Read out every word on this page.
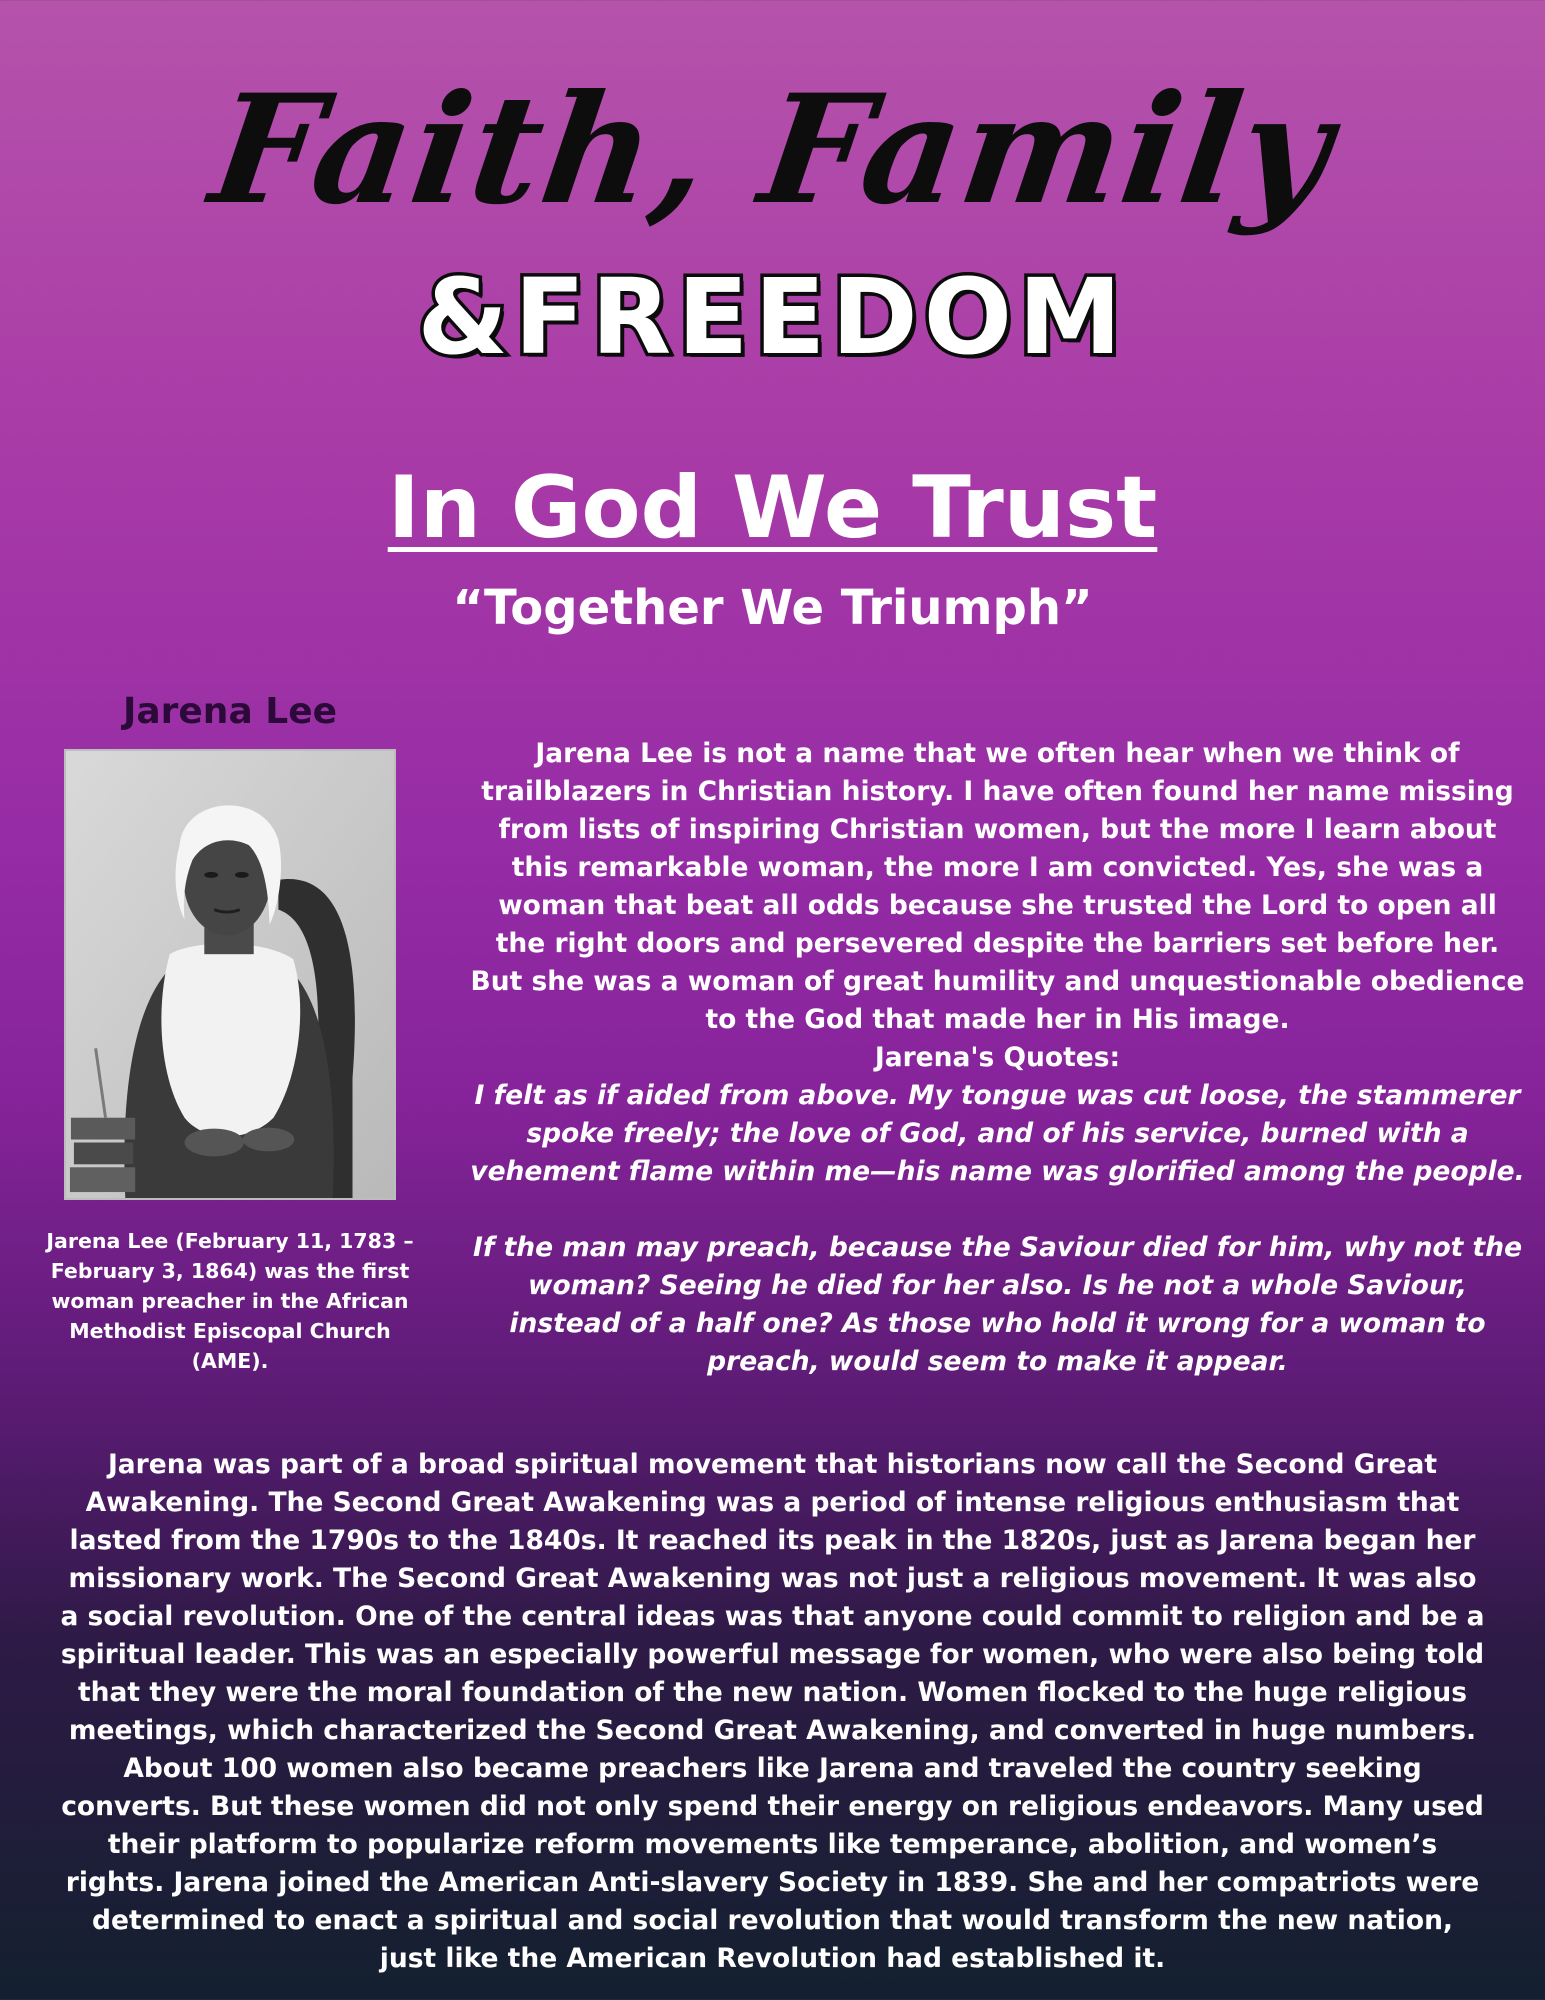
Faith, Family
&FREEDOM
In God We Trust
“Together We Triumph”
Jarena Lee
Jarena Lee (February 11, 1783 – February 3, 1864) was the first woman preacher in the African Methodist Episcopal Church (AME).
Jarena Lee is not a name that we often hear when we think of trailblazers in Christian history. I have often found her name missing from lists of inspiring Christian women, but the more I learn about this remarkable woman, the more I am convicted. Yes, she was a woman that beat all odds because she trusted the Lord to open all the right doors and persevered despite the barriers set before her. But she was a woman of great humility and unquestionable obedience to the God that made her in His image.
Jarena's Quotes:
I felt as if aided from above. My tongue was cut loose, the stammerer spoke freely; the love of God, and of his service, burned with a vehement flame within me—his name was glorified among the people.
If the man may preach, because the Saviour died for him, why not the woman? Seeing he died for her also. Is he not a whole Saviour, instead of a half one? As those who hold it wrong for a woman to preach, would seem to make it appear.
Jarena was part of a broad spiritual movement that historians now call the Second Great Awakening. The Second Great Awakening was a period of intense religious enthusiasm that lasted from the 1790s to the 1840s. It reached its peak in the 1820s, just as Jarena began her missionary work. The Second Great Awakening was not just a religious movement. It was also a social revolution. One of the central ideas was that anyone could commit to religion and be a spiritual leader. This was an especially powerful message for women, who were also being told that they were the moral foundation of the new nation. Women flocked to the huge religious meetings, which characterized the Second Great Awakening, and converted in huge numbers. About 100 women also became preachers like Jarena and traveled the country seeking converts. But these women did not only spend their energy on religious endeavors. Many used their platform to popularize reform movements like temperance, abolition, and women’s rights. Jarena joined the American Anti-slavery Society in 1839. She and her compatriots were determined to enact a spiritual and social revolution that would transform the new nation, just like the American Revolution had established it.
